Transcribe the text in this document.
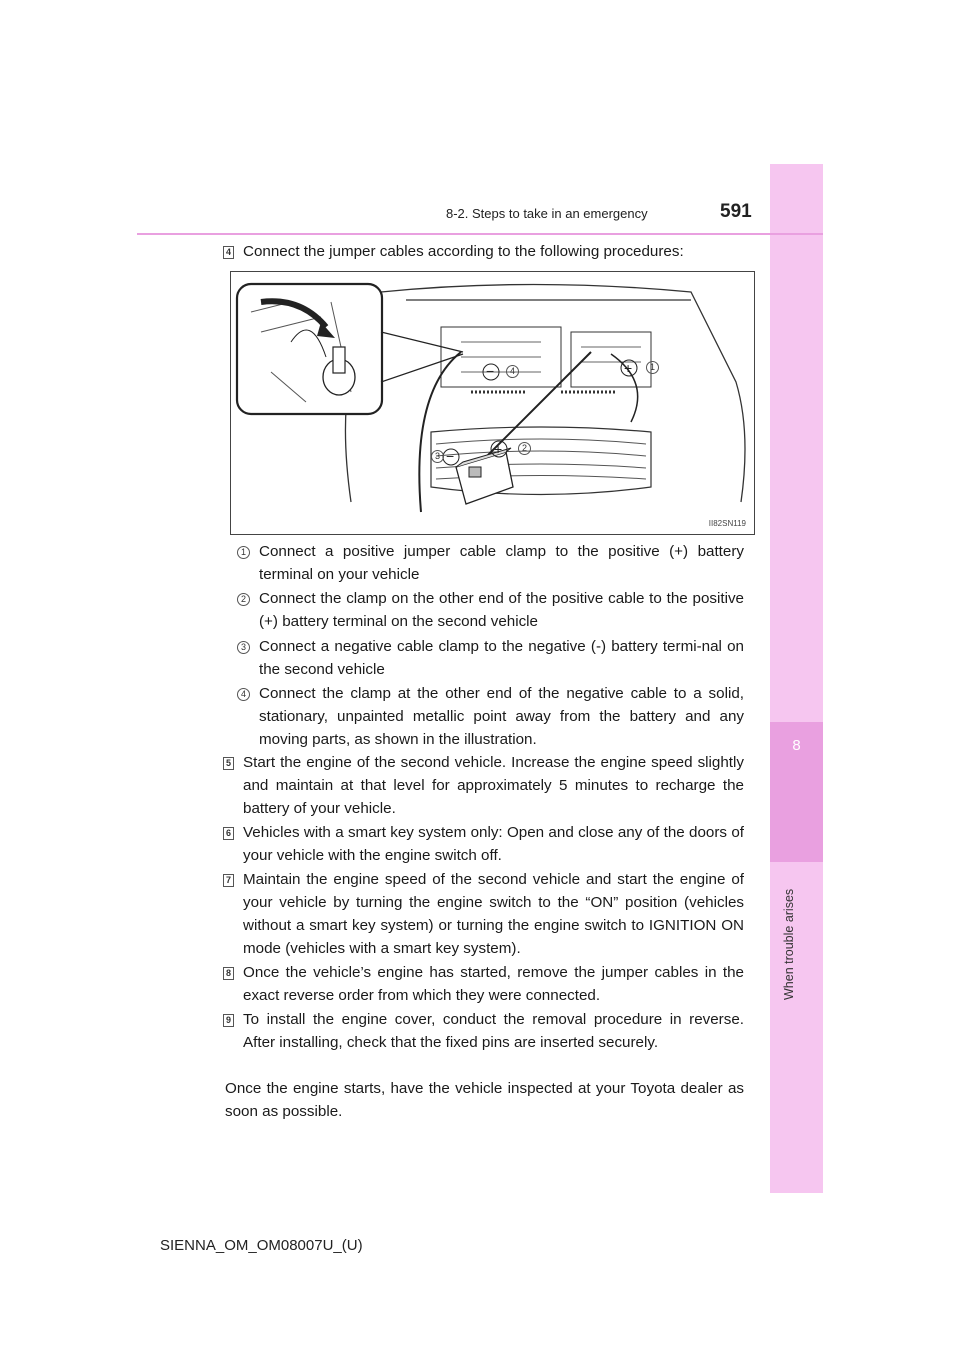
8
When trouble arises
8-2. Steps to take in an emergency	591
4 Connect the jumper cables according to the following procedures:
−	+
−	+
1
2
3
4
II82SN119
1 Connect a positive jumper cable clamp to the positive (+) battery terminal on your vehicle
2 Connect the clamp on the other end of the positive cable to the positive (+) battery terminal on the second vehicle
3 Connect a negative cable clamp to the negative (-) battery termi-nal on the second vehicle
4 Connect the clamp at the other end of the negative cable to a solid, stationary, unpainted metallic point away from the battery and any moving parts, as shown in the illustration.
5 Start the engine of the second vehicle. Increase the engine speed slightly and maintain at that level for approximately 5 minutes to recharge the battery of your vehicle.
6 Vehicles with a smart key system only: Open and close any of the doors of your vehicle with the engine switch off.
7 Maintain the engine speed of the second vehicle and start the engine of your vehicle by turning the engine switch to the “ON” position (vehicles without a smart key system) or turning the engine switch to IGNITION ON mode (vehicles with a smart key system).
8 Once the vehicle’s engine has started, remove the jumper cables in the exact reverse order from which they were connected.
9 To install the engine cover, conduct the removal procedure in reverse. After installing, check that the fixed pins are inserted securely.
Once the engine starts, have the vehicle inspected at your Toyota dealer as soon as possible.
SIENNA_OM_OM08007U_(U)
